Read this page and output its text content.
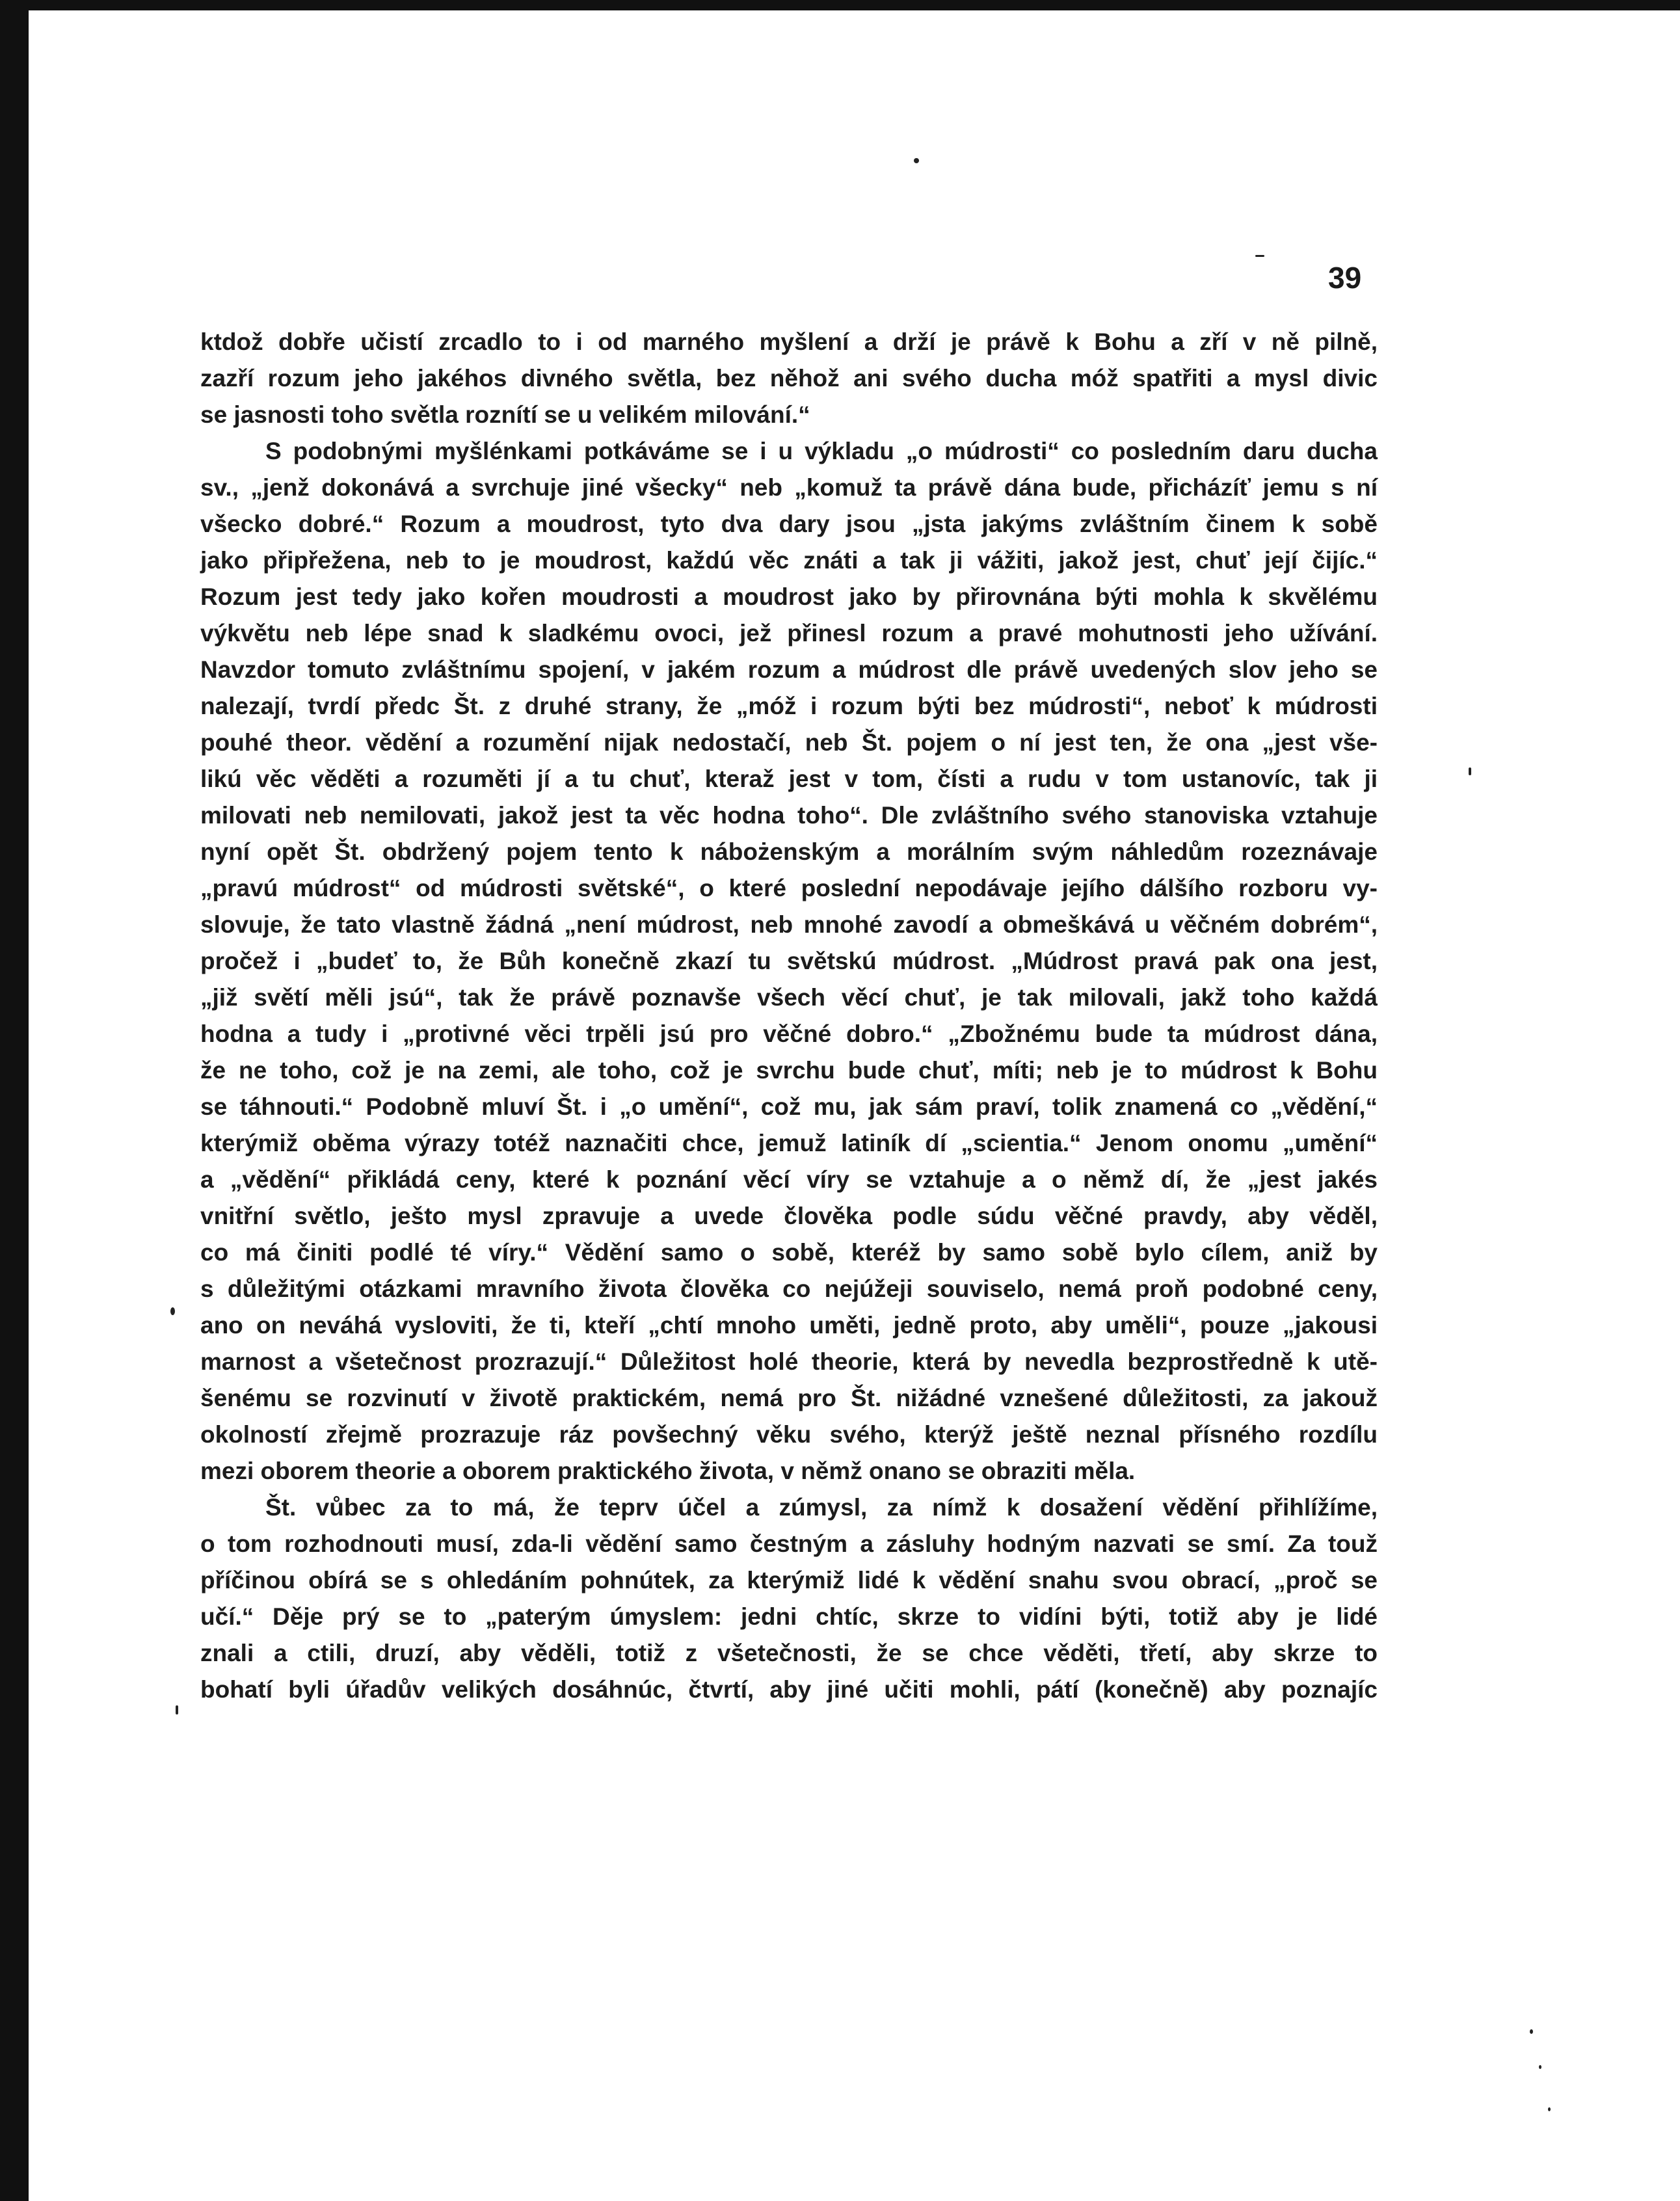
39
ktdož dobře učistí zrcadlo to i od marného myšlení a drží je právě k Bohu a zří v ně pilně,
zazří rozum jeho jakéhos divného světla, bez něhož ani svého ducha móž spatřiti a mysl divic
se jasnosti toho světla roznítí se u velikém milování.“
S podobnými myšlénkami potkáváme se i u výkladu „o múdrosti“ co posledním daru ducha
sv., „jenž dokonává a svrchuje jiné všecky“ neb „komuž ta právě dána bude, přicházíť jemu s ní
všecko dobré.“ Rozum a moudrost, tyto dva dary jsou „jsta jakýms zvláštním činem k sobě
jako připřežena, neb to je moudrost, každú věc znáti a tak ji vážiti, jakož jest, chuť její čijíc.“
Rozum jest tedy jako kořen moudrosti a moudrost jako by přirovnána býti mohla k skvělému
výkvětu neb lépe snad k sladkému ovoci, jež přinesl rozum a pravé mohutnosti jeho užívání.
Navzdor tomuto zvláštnímu spojení, v jakém rozum a múdrost dle právě uvedených slov jeho se
nalezají, tvrdí předc Št. z druhé strany, že „móž i rozum býti bez múdrosti“, neboť k múdrosti
pouhé theor. vědění a rozumění nijak nedostačí, neb Št. pojem o ní jest ten, že ona „jest vše-
likú věc věděti a rozuměti jí a tu chuť, kteraž jest v tom, čísti a rudu v tom ustanovíc, tak ji
milovati neb nemilovati, jakož jest ta věc hodna toho“. Dle zvláštního svého stanoviska vztahuje
nyní opět Št. obdržený pojem tento k nábożenským a morálním svým náhledům rozeznávaje
„pravú múdrost“ od múdrosti světské“, o které poslední nepodávaje jejího dálšího rozboru vy-
slovuje, že tato vlastně žádná „není múdrost, neb mnohé zavodí a obmeškává u věčném dobrém“,
pročež i „budeť to, že Bůh konečně zkazí tu světskú múdrost. „Múdrost pravá pak ona jest,
„již světí měli jsú“, tak že právě poznavše všech věcí chuť, je tak milovali, jakž toho každá
hodna a tudy i „protivné věci trpěli jsú pro věčné dobro.“ „Zbožnému bude ta múdrost dána,
že ne toho, což je na zemi, ale toho, což je svrchu bude chuť, míti; neb je to múdrost k Bohu
se táhnouti.“ Podobně mluví Št. i „o umění“, což mu, jak sám praví, tolik znamená co „vědění,“
kterýmiž oběma výrazy totéž naznačiti chce, jemuž latiník dí „scientia.“ Jenom onomu „umění“
a „vědění“ přikládá ceny, které k poznání věcí víry se vztahuje a o němž dí, že „jest jakés
vnitřní světlo, ješto mysl zpravuje a uvede člověka podle súdu věčné pravdy, aby věděl,
co má činiti podlé té víry.“ Vědění samo o sobě, kteréž by samo sobě bylo cílem, aniž by
s důležitými otázkami mravního života člověka co nejúžeji souviselo, nemá proň podobné ceny,
ano on neváhá vysloviti, že ti, kteří „chtí mnoho uměti, jedně proto, aby uměli“, pouze „jakousi
marnost a všetečnost prozrazují.“ Důležitost holé theorie, která by nevedla bezprostředně k utě-
šenému se rozvinutí v životě praktickém, nemá pro Št. nižádné vznešené důležitosti, za jakouž
okolností zřejmě prozrazuje ráz povšechný věku svého, kterýž ještě neznal přísného rozdílu
mezi oborem theorie a oborem praktického života, v němž onano se obraziti měla.
Št. vůbec za to má, že teprv účel a zúmysl, za nímž k dosažení vědění přihlížíme,
o tom rozhodnouti musí, zda-li vědění samo čestným a zásluhy hodným nazvati se smí. Za touž
příčinou obírá se s ohledáním pohnútek, za kterýmiž lidé k vědění snahu svou obrací, „proč se
učí.“ Děje prý se to „paterým úmyslem: jedni chtíc, skrze to vidíni býti, totiž aby je lidé
znali a ctili, druzí, aby věděli, totiž z všetečnosti, že se chce věděti, třetí, aby skrze to
bohatí byli úřadův velikých dosáhnúc, čtvrtí, aby jiné učiti mohli, pátí (konečně) aby poznajíc
